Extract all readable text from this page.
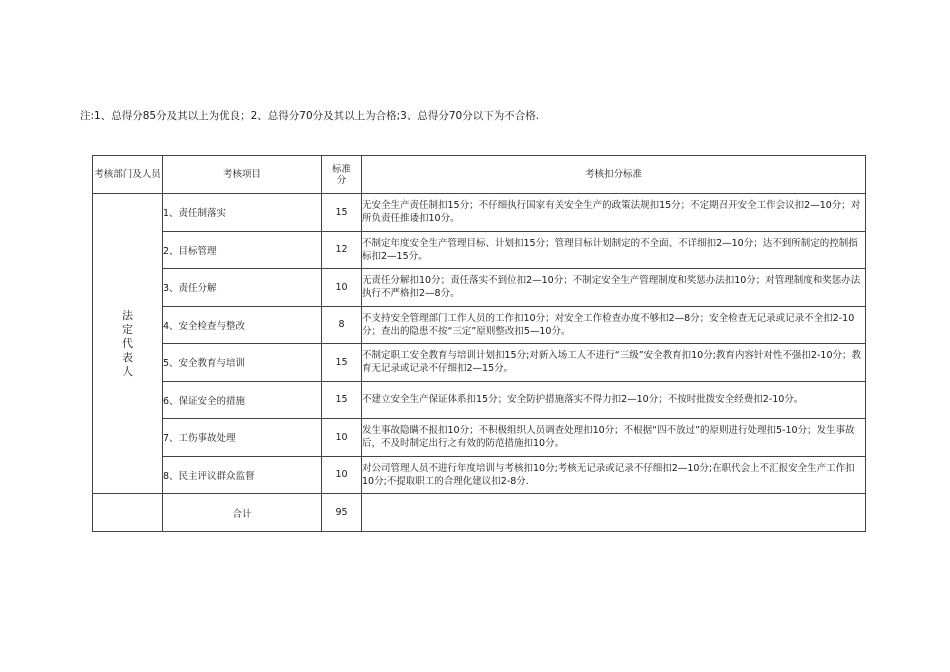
注:1、总得分85分及其以上为优良；2、总得分70分及其以上为合格;3、总得分70分以下为不合格.
考核部门及人员	考核项目	标准分	考核扣分标准
法定代表人	1、责任制落实	15	无安全生产责任制扣15分；不仔细执行国家有关安全生产的政策法规扣15分；不定期召开安全工作会议扣2—10分；对所负责任推诿扣10分。
	2、目标管理	12	不制定年度安全生产管理目标、计划扣15分；管理目标计划制定的不全面、不详细扣2—10分；达不到所制定的控制指标扣2—15分。
	3、责任分解	10	无责任分解扣10分；责任落实不到位扣2—10分；不制定安全生产管理制度和奖惩办法扣10分；对管理制度和奖惩办法执行不严格扣2—8分。
	4、安全检查与整改	8	不支持安全管理部门工作人员的工作扣10分；对安全工作检查办度不够扣2—8分；安全检查无记录或记录不全扣2-10分；查出的隐患不按“三定”原则整改扣5—10分。
	5、安全教育与培训	15	不制定职工安全教育与培训计划扣15分;对新入场工人不进行“三级”安全教育扣10分;教育内容针对性不强扣2-10分；教育无记录或记录不仔细扣2—15分。
	6、保证安全的措施	15	不建立安全生产保证体系扣15分；安全防护措施落实不得力扣2—10分；不按时批拨安全经费扣2-10分。
	7、工伤事故处理	10	发生事故隐瞒不报扣10分；不积极组织人员调查处理扣10分；不根据“四不放过”的原则进行处理扣5-10分；发生事故后，不及时制定出行之有效的防范措施扣10分。
	8、民主评议群众监督	10	对公司管理人员不进行年度培训与考核扣10分;考核无记录或记录不仔细扣2—10分;在职代会上不汇报安全生产工作扣10分;不提取职工的合理化建议扣2-8分.
	合计	95	
